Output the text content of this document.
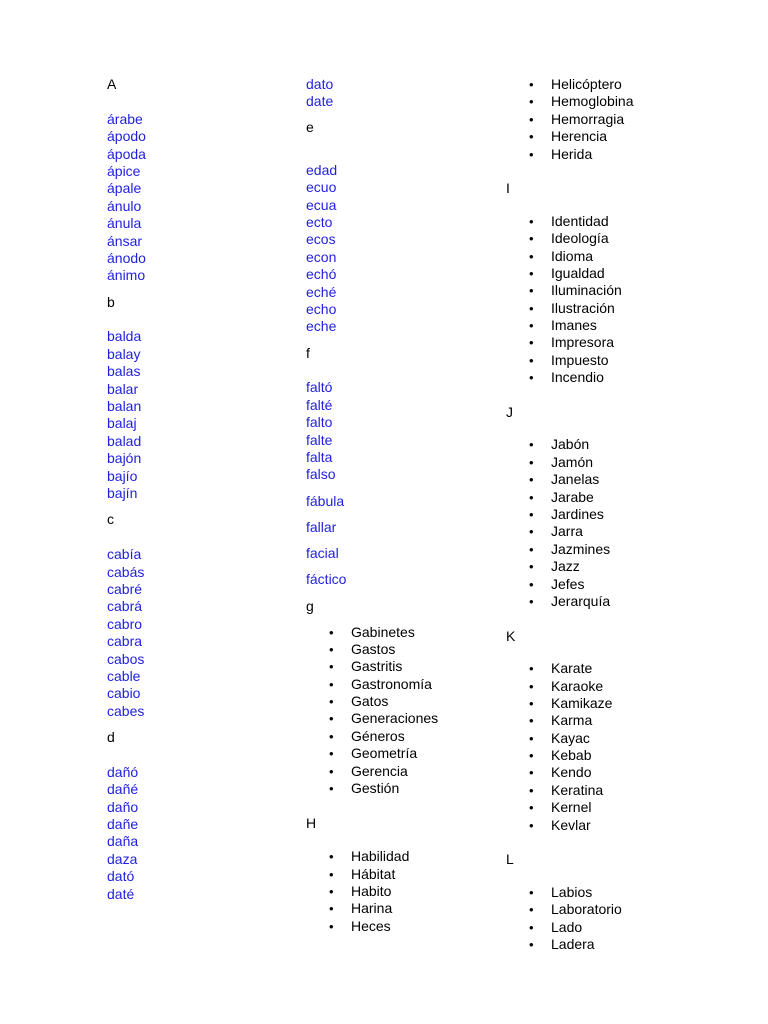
A
árabe
ápodo
ápoda
ápice
ápale
ánulo
ánula
ánsar
ánodo
ánimo
b
balda
balay
balas
balar
balan
balaj
balad
bajón
bajío
bajín
c
cabía
cabás
cabré
cabrá
cabro
cabra
cabos
cable
cabio
cabes
d
dañó
dañé
daño
dañe
daña
daza
dató
daté
dato
date
e
edad
ecuo
ecua
ecto
ecos
econ
echó
eché
echo
eche
f
faltó
falté
falto
falte
falta
falso
fábula
fallar
facial
fáctico
g
• Gabinetes
• Gastos
• Gastritis
• Gastronomía
• Gatos
• Generaciones
• Géneros
• Geometría
• Gerencia
• Gestión
H
• Habilidad
• Hábitat
• Habito
• Harina
• Heces
• Helicóptero
• Hemoglobina
• Hemorragia
• Herencia
• Herida
I
• Identidad
• Ideología
• Idioma
• Igualdad
• Iluminación
• Ilustración
• Imanes
• Impresora
• Impuesto
• Incendio
J
• Jabón
• Jamón
• Janelas
• Jarabe
• Jardines
• Jarra
• Jazmines
• Jazz
• Jefes
• Jerarquía
K
• Karate
• Karaoke
• Kamikaze
• Karma
• Kayac
• Kebab
• Kendo
• Keratina
• Kernel
• Kevlar
L
• Labios
• Laboratorio
• Lado
• Ladera
